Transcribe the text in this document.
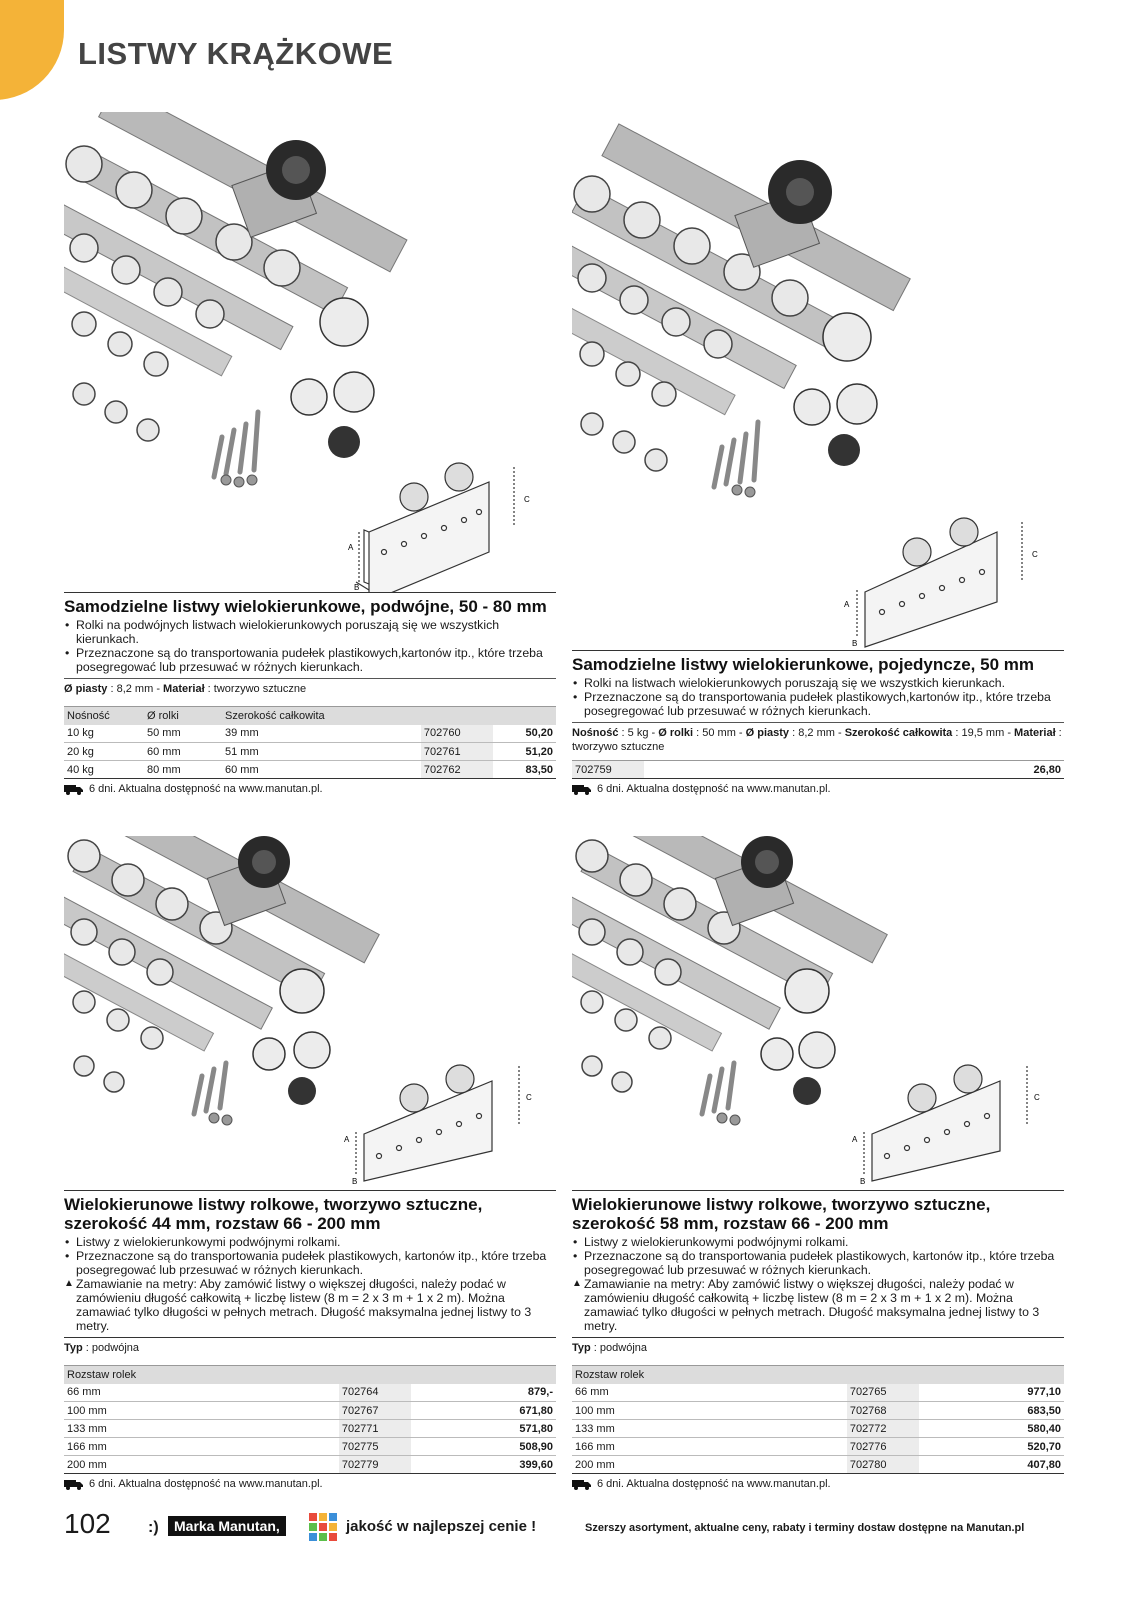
LISTWY KRĄŻKOWE
A
B
C
Samodzielne listwy wielokierunkowe, podwójne, 50 - 80 mm
• Rolki na podwójnych listwach wielokierunkowych poruszają się we wszystkich kierunkach.
• Przeznaczone są do transportowania pudełek plastikowych,kartonów itp., które trzeba posegregować lub przesuwać w różnych kierunkach.
Ø piasty : 8,2 mm - Materiał : tworzywo sztuczne
Nośność	Ø rolki	Szerokość całkowita		
10 kg	50 mm	39 mm	702760	50,20
20 kg	60 mm	51 mm	702761	51,20
40 kg	80 mm	60 mm	702762	83,50
6 dni. Aktualna dostępność na www.manutan.pl.
A
B
C
Samodzielne listwy wielokierunkowe, pojedyncze, 50 mm
• Rolki na listwach wielokierunkowych poruszają się we wszystkich kierunkach.
• Przeznaczone są do transportowania pudełek plastikowych,kartonów itp., które trzeba posegregować lub przesuwać w różnych kierunkach.
Nośność : 5 kg - Ø rolki : 50 mm - Ø piasty : 8,2 mm - Szerokość całkowita : 19,5 mm - Materiał : tworzywo sztuczne
702759	26,80
6 dni. Aktualna dostępność na www.manutan.pl.
A
B
C
Wielokierunowe listwy rolkowe, tworzywo sztuczne, szerokość 44 mm, rozstaw 66 - 200 mm
• Listwy z wielokierunkowymi podwójnymi rolkami.
• Przeznaczone są do transportowania pudełek plastikowych, kartonów itp., które trzeba posegregować lub przesuwać w różnych kierunkach.
▲ Zamawianie na metry: Aby zamówić listwy o większej długości, należy podać w zamówieniu długość całkowitą + liczbę listew (8 m = 2 x 3 m + 1 x 2 m). Można zamawiać tylko długości w pełnych metrach. Długość maksymalna jednej listwy to 3 metry.
Typ : podwójna
Rozstaw rolek		
66 mm	702764	879,-
100 mm	702767	671,80
133 mm	702771	571,80
166 mm	702775	508,90
200 mm	702779	399,60
6 dni. Aktualna dostępność na www.manutan.pl.
A
B
C
Wielokierunowe listwy rolkowe, tworzywo sztuczne, szerokość 58 mm, rozstaw 66 - 200 mm
• Listwy z wielokierunkowymi podwójnymi rolkami.
• Przeznaczone są do transportowania pudełek plastikowych, kartonów itp., które trzeba posegregować lub przesuwać w różnych kierunkach.
▲ Zamawianie na metry: Aby zamówić listwy o większej długości, należy podać w zamówieniu długość całkowitą + liczbę listew (8 m = 2 x 3 m + 1 x 2 m). Można zamawiać tylko długości w pełnych metrach. Długość maksymalna jednej listwy to 3 metry.
Typ : podwójna
Rozstaw rolek		
66 mm	702765	977,10
100 mm	702768	683,50
133 mm	702772	580,40
166 mm	702776	520,70
200 mm	702780	407,80
6 dni. Aktualna dostępność na www.manutan.pl.
102 :)	Marka Manutan,	jakość w najlepszej cenie !	Szerszy asortyment, aktualne ceny, rabaty i terminy dostaw dostępne na Manutan.pl
